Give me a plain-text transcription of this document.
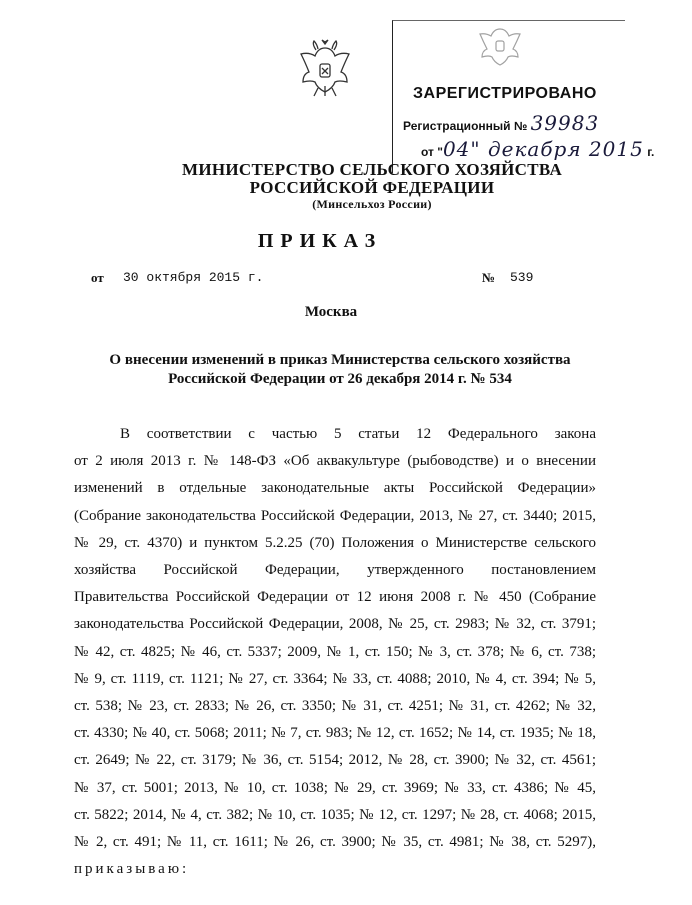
ЗАРЕГИСТРИРОВАНО
Регистрационный № 39983
от "04" декабря 2015 г.
МИНИСТЕРСТВО СЕЛЬСКОГО ХОЗЯЙСТВА
РОССИЙСКОЙ ФЕДЕРАЦИИ
(Минсельхоз России)
ПРИКАЗ
от 30 октября 2015 г.	№ 539
Москва
О внесении изменений в приказ Министерства сельского хозяйства
Российской Федерации от 26 декабря 2014 г. № 534
В соответствии с частью 5 статьи 12 Федерального закона
от 2 июля 2013 г. № 148-ФЗ «Об аквакультуре (рыбоводстве) и о внесении
изменений в отдельные законодательные акты Российской Федерации»
(Собрание законодательства Российской Федерации, 2013, № 27, ст. 3440; 2015,
№ 29, ст. 4370) и пунктом 5.2.25 (70) Положения о Министерстве сельского
хозяйства Российской Федерации, утвержденного постановлением
Правительства Российской Федерации от 12 июня 2008 г. № 450 (Собрание
законодательства Российской Федерации, 2008, № 25, ст. 2983; № 32, ст. 3791;
№ 42, ст. 4825; № 46, ст. 5337; 2009, № 1, ст. 150; № 3, ст. 378; № 6, ст. 738;
№ 9, ст. 1119, ст. 1121; № 27, ст. 3364; № 33, ст. 4088; 2010, № 4, ст. 394; № 5,
ст. 538; № 23, ст. 2833; № 26, ст. 3350; № 31, ст. 4251; № 31, ст. 4262; № 32,
ст. 4330; № 40, ст. 5068; 2011; № 7, ст. 983; № 12, ст. 1652; № 14, ст. 1935; № 18,
ст. 2649; № 22, ст. 3179; № 36, ст. 5154; 2012, № 28, ст. 3900; № 32, ст. 4561;
№ 37, ст. 5001; 2013, № 10, ст. 1038; № 29, ст. 3969; № 33, ст. 4386; № 45,
ст. 5822; 2014, № 4, ст. 382; № 10, ст. 1035; № 12, ст. 1297; № 28, ст. 4068; 2015,
№ 2, ст. 491; № 11, ст. 1611; № 26, ст. 3900; № 35, ст. 4981; № 38, ст. 5297),
приказываю:
